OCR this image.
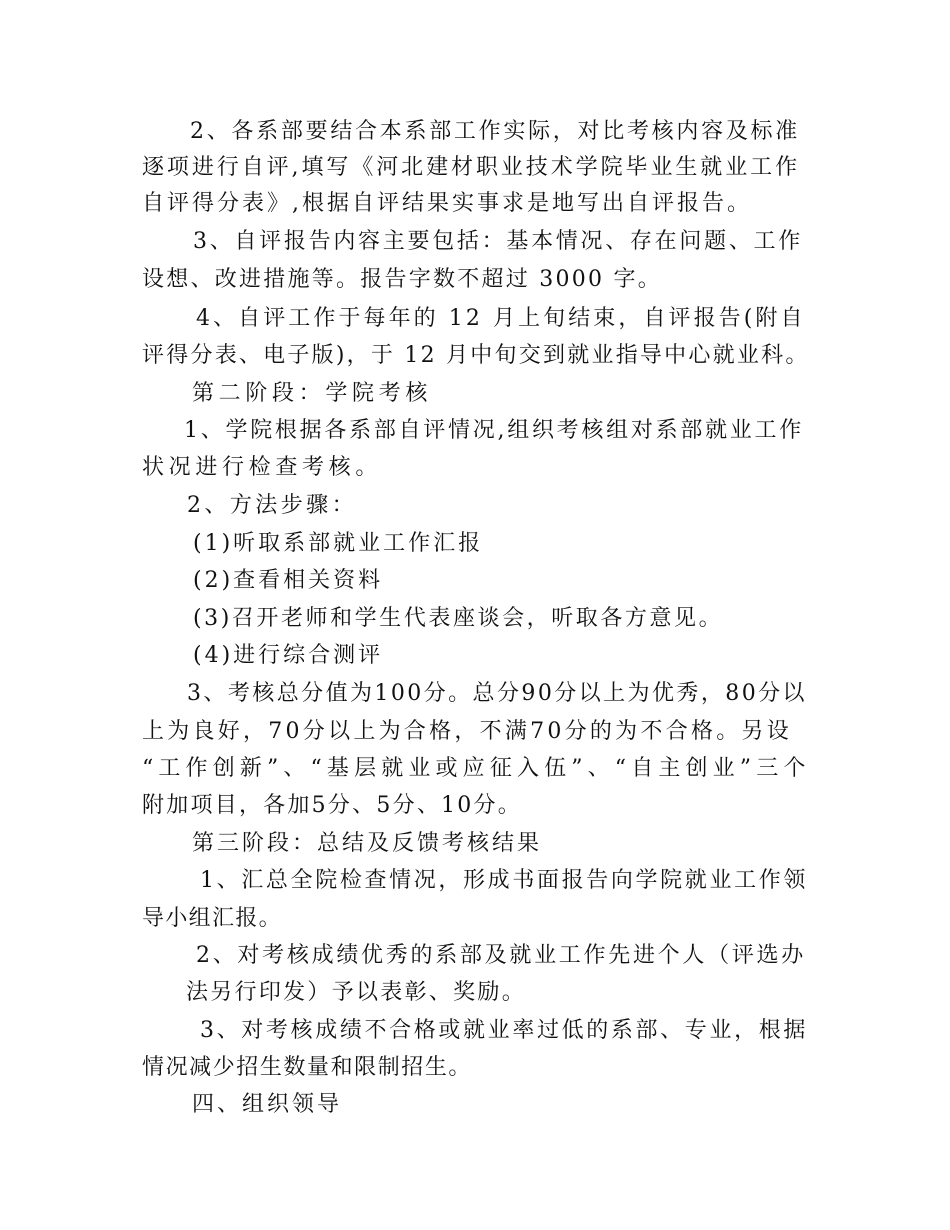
2、各系部要结合本系部工作实际，对比考核内容及标准
逐项进行自评,填写《河北建材职业技术学院毕业生就业工作
自评得分表》,根据自评结果实事求是地写出自评报告。
3、自评报告内容主要包括：基本情况、存在问题、工作
设想、改进措施等。报告字数不超过 3000 字。
4、自评工作于每年的 12 月上旬结束，自评报告(附自
评得分表、电子版)，于 12 月中旬交到就业指导中心就业科。
第二阶段：学院考核
1、学院根据各系部自评情况,组织考核组对系部就业工作
状况进行检查考核。
2、方法步骤：
(1)听取系部就业工作汇报
(2)查看相关资料
(3)召开老师和学生代表座谈会，听取各方意见。
(4)进行综合测评
3、考核总分值为100分。总分90分以上为优秀，80分以
上为良好，70分以上为合格，不满70分的为不合格。另设
“工作创新”、“基层就业或应征入伍”、“自主创业”三个
附加项目，各加5分、5分、10分。
第三阶段：总结及反馈考核结果
1、汇总全院检查情况，形成书面报告向学院就业工作领
导小组汇报。
2、对考核成绩优秀的系部及就业工作先进个人（评选办
法另行印发）予以表彰、奖励。
3、对考核成绩不合格或就业率过低的系部、专业，根据
情况减少招生数量和限制招生。
四、组织领导
